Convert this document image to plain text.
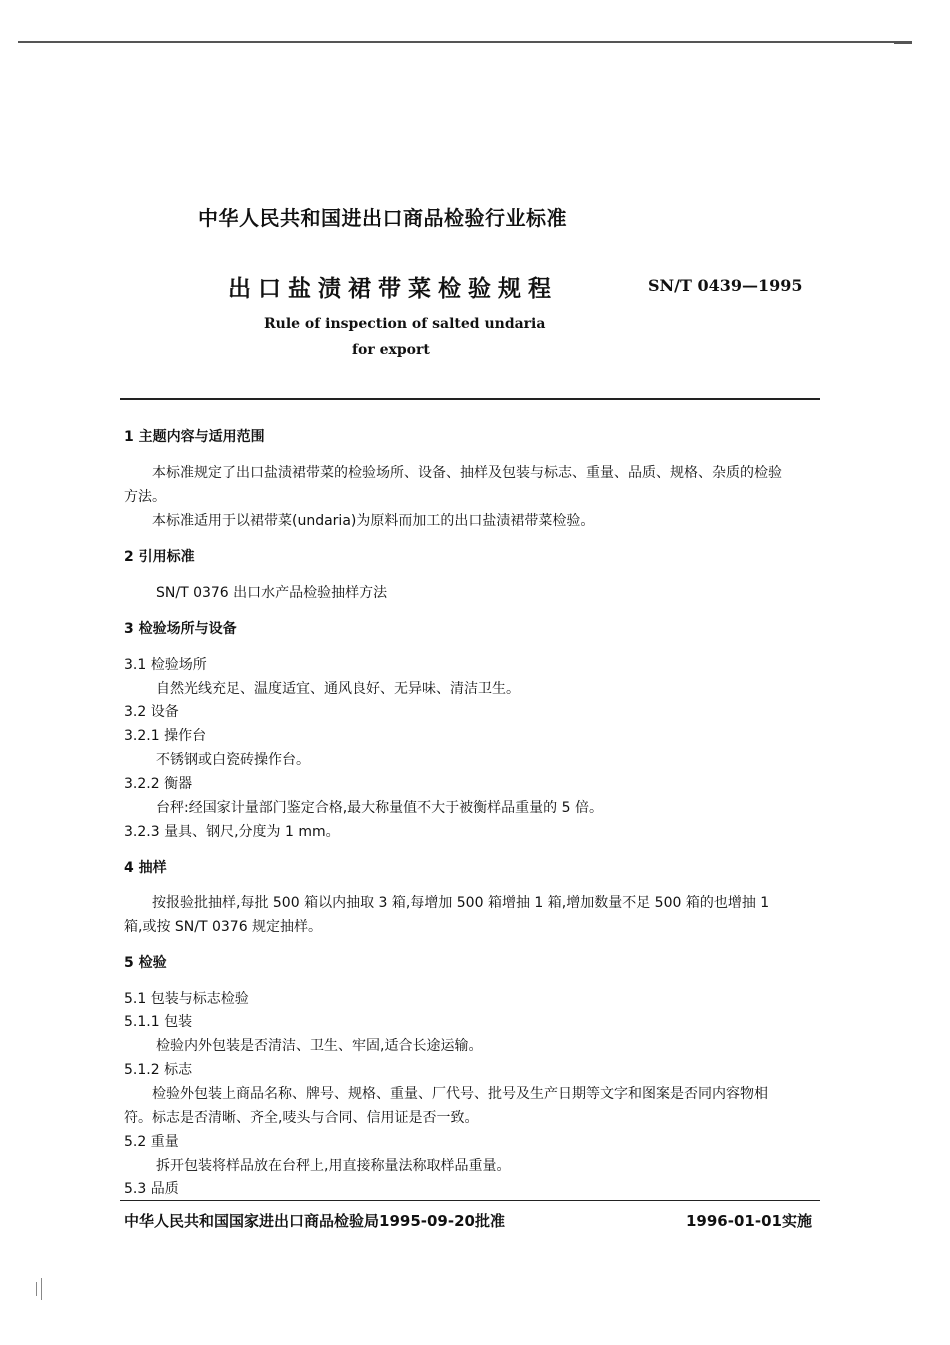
中华人民共和国进出口商品检验行业标准
出口盐渍裙带菜检验规程	SN/T 0439—1995
Rule of inspection of salted undaria
for export
1 主题内容与适用范围
本标准规定了出口盐渍裙带菜的检验场所、设备、抽样及包装与标志、重量、品质、规格、杂质的检验
方法。
本标准适用于以裙带菜(undaria)为原料而加工的出口盐渍裙带菜检验。
2 引用标准
SN/T 0376 出口水产品检验抽样方法
3 检验场所与设备
3.1 检验场所
自然光线充足、温度适宜、通风良好、无异味、清洁卫生。
3.2 设备
3.2.1 操作台
不锈钢或白瓷砖操作台。
3.2.2 衡器
台秤:经国家计量部门鉴定合格,最大称量值不大于被衡样品重量的 5 倍。
3.2.3 量具、钢尺,分度为 1 mm。
4 抽样
按报验批抽样,每批 500 箱以内抽取 3 箱,每增加 500 箱增抽 1 箱,增加数量不足 500 箱的也增抽 1
箱,或按 SN/T 0376 规定抽样。
5 检验
5.1 包装与标志检验
5.1.1 包装
检验内外包装是否清洁、卫生、牢固,适合长途运输。
5.1.2 标志
检验外包装上商品名称、牌号、规格、重量、厂代号、批号及生产日期等文字和图案是否同内容物相
符。标志是否清晰、齐全,唛头与合同、信用证是否一致。
5.2 重量
拆开包装将样品放在台秤上,用直接称量法称取样品重量。
5.3 品质
中华人民共和国国家进出口商品检验局1995-09-20批准	1996-01-01实施
